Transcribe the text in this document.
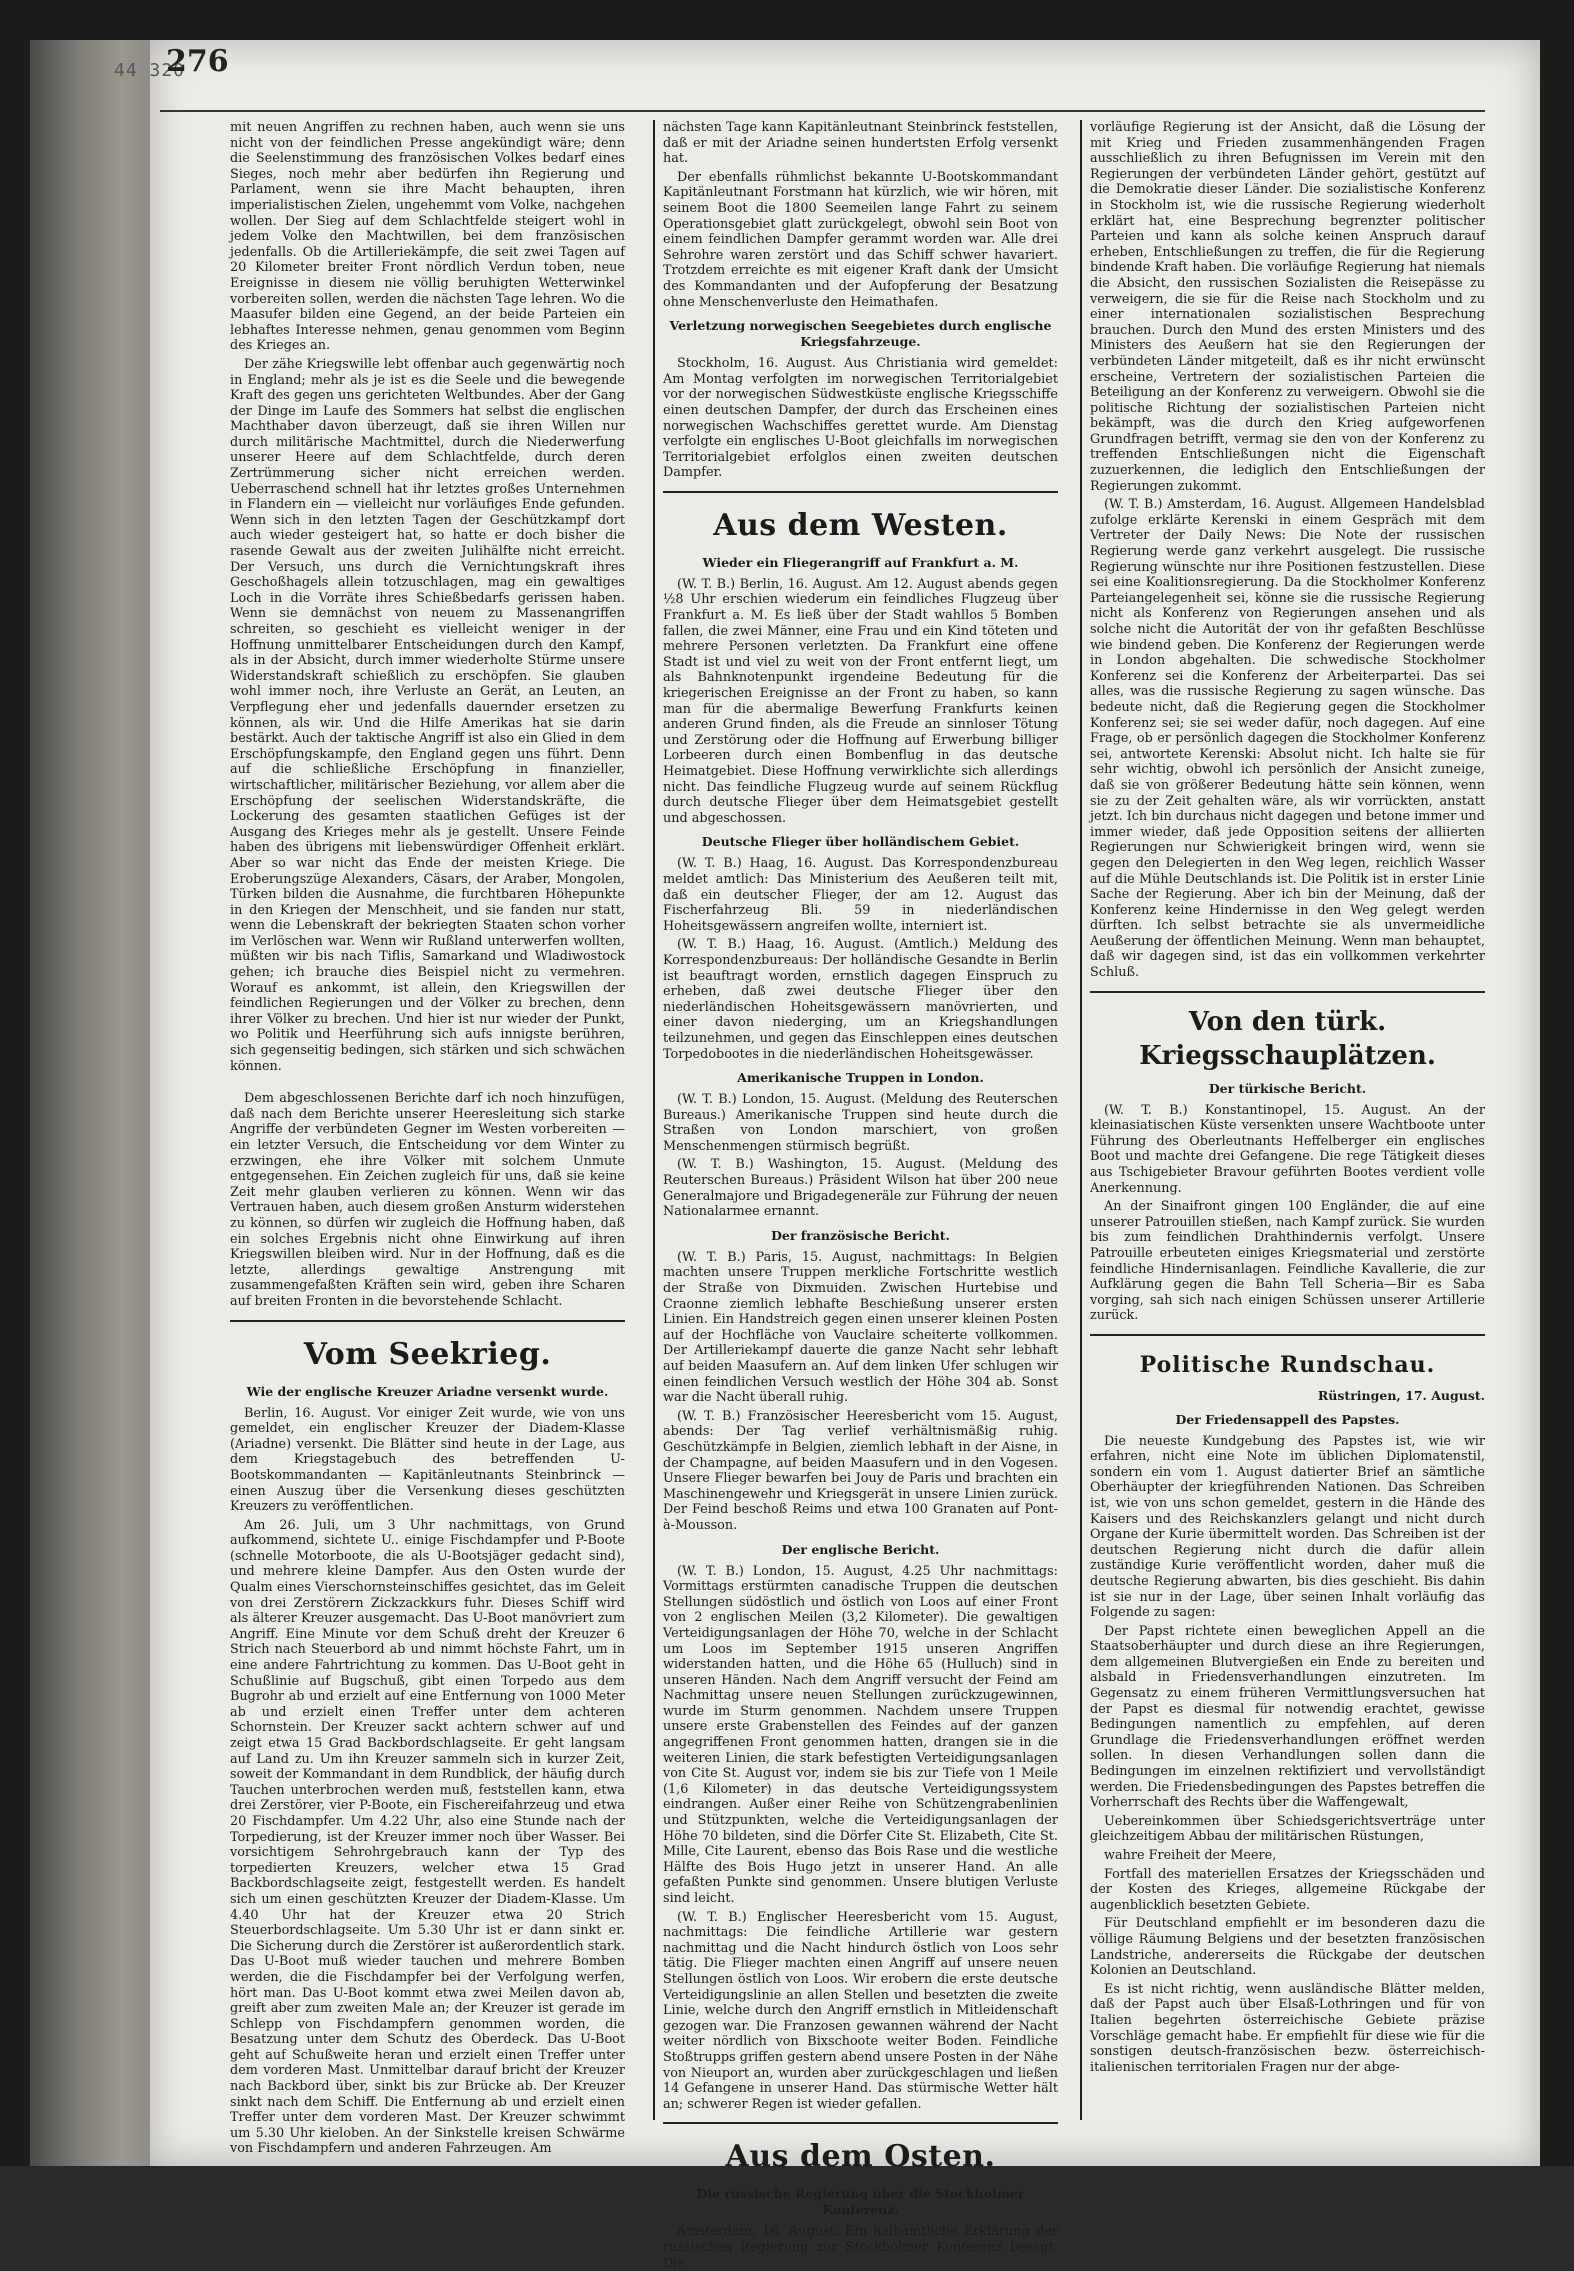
44 320
276

mit neuen Angriffen zu rechnen haben, auch wenn sie uns nicht von der feindlichen Presse angekündigt wäre; denn die Seelenstimmung des französischen Volkes bedarf eines Sieges, noch mehr aber bedürfen ihn Regierung und Parlament, wenn sie ihre Macht behaupten, ihren imperialistischen Zielen, ungehemmt vom Volke, nachgehen wollen. Der Sieg auf dem Schlachtfelde steigert wohl in jedem Volke den Machtwillen, bei dem französischen jedenfalls. Ob die Artilleriekämpfe, die seit zwei Tagen auf 20 Kilometer breiter Front nördlich Verdun toben, neue Ereignisse in diesem nie völlig beruhigten Wetterwinkel vorbereiten sollen, werden die nächsten Tage lehren. Wo die Maasufer bilden eine Gegend, an der beide Parteien ein lebhaftes Interesse nehmen, genau genommen vom Beginn des Krieges an.

Der zähe Kriegswille lebt offenbar auch gegenwärtig noch in England; mehr als je ist es die Seele und die bewegende Kraft des gegen uns gerichteten Weltbundes. Aber der Gang der Dinge im Laufe des Sommers hat selbst die englischen Machthaber davon überzeugt, daß sie ihren Willen nur durch militärische Machtmittel, durch die Niederwerfung unserer Heere auf dem Schlachtfelde, durch deren Zertrümmerung sicher nicht erreichen werden. Ueberraschend schnell hat ihr letztes großes Unternehmen in Flandern ein — vielleicht nur vorläufiges Ende gefunden. Wenn sich in den letzten Tagen der Geschützkampf dort auch wieder gesteigert hat, so hatte er doch bisher die rasende Gewalt aus der zweiten Julihälfte nicht erreicht. Der Versuch, uns durch die Vernichtungskraft ihres Geschoßhagels allein totzuschlagen, mag ein gewaltiges Loch in die Vorräte ihres Schießbedarfs gerissen haben. Wenn sie demnächst von neuem zu Massenangriffen schreiten, so geschieht es vielleicht weniger in der Hoffnung unmittelbarer Entscheidungen durch den Kampf, als in der Absicht, durch immer wiederholte Stürme unsere Widerstandskraft schießlich zu erschöpfen. Sie glauben wohl immer noch, ihre Verluste an Gerät, an Leuten, an Verpflegung eher und jedenfalls dauernder ersetzen zu können, als wir. Und die Hilfe Amerikas hat sie darin bestärkt. Auch der taktische Angriff ist also ein Glied in dem Erschöpfungskampfe, den England gegen uns führt. Denn auf die schließliche Erschöpfung in finanzieller, wirtschaftlicher, militärischer Beziehung, vor allem aber die Erschöpfung der seelischen Widerstandskräfte, die Lockerung des gesamten staatlichen Gefüges ist der Ausgang des Krieges mehr als je gestellt. Unsere Feinde haben des übrigens mit liebenswürdiger Offenheit erklärt. Aber so war nicht das Ende der meisten Kriege. Die Eroberungszüge Alexanders, Cäsars, der Araber, Mongolen, Türken bilden die Ausnahme, die furchtbaren Höhepunkte in den Kriegen der Menschheit, und sie fanden nur statt, wenn die Lebenskraft der bekriegten Staaten schon vorher im Verlöschen war. Wenn wir Rußland unterwerfen wollten, müßten wir bis nach Tiflis, Samarkand und Wladiwostock gehen; ich brauche dies Beispiel nicht zu vermehren. Worauf es ankommt, ist allein, den Kriegswillen der feindlichen Regierungen und der Völker zu brechen, denn ihrer Völker zu brechen. Und hier ist nur wieder der Punkt, wo Politik und Heerführung sich aufs innigste berühren, sich gegenseitig bedingen, sich stärken und sich schwächen können.

Dem abgeschlossenen Berichte darf ich noch hinzufügen, daß nach dem Berichte unserer Heeresleitung sich starke Angriffe der verbündeten Gegner im Westen vorbereiten — ein letzter Versuch, die Entscheidung vor dem Winter zu erzwingen, ehe ihre Völker mit solchem Unmute entgegensehen. Ein Zeichen zugleich für uns, daß sie keine Zeit mehr glauben verlieren zu können. Wenn wir das Vertrauen haben, auch diesem großen Ansturm widerstehen zu können, so dürfen wir zugleich die Hoffnung haben, daß ein solches Ergebnis nicht ohne Einwirkung auf ihren Kriegswillen bleiben wird. Nur in der Hoffnung, daß es die letzte, allerdings gewaltige Anstrengung mit zusammengefaßten Kräften sein wird, geben ihre Scharen auf breiten Fronten in die bevorstehende Schlacht.

Vom Seekrieg.
Wie der englische Kreuzer Ariadne versenkt wurde.

Berlin, 16. August. Vor einiger Zeit wurde, wie von uns gemeldet, ein englischer Kreuzer der Diadem-Klasse (Ariadne) versenkt. Die Blätter sind heute in der Lage, aus dem Kriegstagebuch des betreffenden U-Bootskommandanten — Kapitänleutnants Steinbrinck — einen Auszug über die Versenkung dieses geschützten Kreuzers zu veröffentlichen.

Am 26. Juli, um 3 Uhr nachmittags, von Grund aufkommend, sichtete U.. einige Fischdampfer und P-Boote (schnelle Motorboote, die als U-Bootsjäger gedacht sind), und mehrere kleine Dampfer. Aus den Osten wurde der Qualm eines Vierschornsteinschiffes gesichtet, das im Geleit von drei Zerstörern Zickzackkurs fuhr. Dieses Schiff wird als älterer Kreuzer ausgemacht. Das U-Boot manövriert zum Angriff. Eine Minute vor dem Schuß dreht der Kreuzer 6 Strich nach Steuerbord ab und nimmt höchste Fahrt, um in eine andere Fahrtrichtung zu kommen. Das U-Boot geht in Schußlinie auf Bugschuß, gibt einen Torpedo aus dem Bugrohr ab und erzielt auf eine Entfernung von 1000 Meter ab und erzielt einen Treffer unter dem achteren Schornstein. Der Kreuzer sackt achtern schwer auf und zeigt etwa 15 Grad Backbordschlagseite. Er geht langsam auf Land zu. Um ihn Kreuzer sammeln sich in kurzer Zeit, soweit der Kommandant in dem Rundblick, der häufig durch Tauchen unterbrochen werden muß, feststellen kann, etwa drei Zerstörer, vier P-Boote, ein Fischereifahrzeug und etwa 20 Fischdampfer. Um 4.22 Uhr, also eine Stunde nach der Torpedierung, ist der Kreuzer immer noch über Wasser. Bei vorsichtigem Sehrohrgebrauch kann der Typ des torpedierten Kreuzers, welcher etwa 15 Grad Backbordschlagseite zeigt, festgestellt werden. Es handelt sich um einen geschützten Kreuzer der Diadem-Klasse. Um 4.40 Uhr hat der Kreuzer etwa 20 Strich Steuerbordschlagseite. Um 5.30 Uhr ist er dann sinkt er. Die Sicherung durch die Zerstörer ist außerordentlich stark. Das U-Boot muß wieder tauchen und mehrere Bomben werden, die die Fischdampfer bei der Verfolgung werfen, hört man. Das U-Boot kommt etwa zwei Meilen davon ab, greift aber zum zweiten Male an; der Kreuzer ist gerade im Schlepp von Fischdampfern genommen worden, die Besatzung unter dem Schutz des Oberdeck. Das U-Boot geht auf Schußweite heran und erzielt einen Treffer unter dem vorderen Mast. Unmittelbar darauf bricht der Kreuzer nach Backbord über, sinkt bis zur Brücke ab. Der Kreuzer sinkt nach dem Schiff. Die Entfernung ab und erzielt einen Treffer unter dem vorderen Mast. Der Kreuzer schwimmt um 5.30 Uhr kieloben. An der Sinkstelle kreisen Schwärme von Fischdampfern und anderen Fahrzeugen. Am

nächsten Tage kann Kapitänleutnant Steinbrinck feststellen, daß er mit der Ariadne seinen hundertsten Erfolg versenkt hat.

Der ebenfalls rühmlichst bekannte U-Bootskommandant Kapitänleutnant Forstmann hat kürzlich, wie wir hören, mit seinem Boot die 1800 Seemeilen lange Fahrt zu seinem Operationsgebiet glatt zurückgelegt, obwohl sein Boot von einem feindlichen Dampfer gerammt worden war. Alle drei Sehrohre waren zerstört und das Schiff schwer havariert. Trotzdem erreichte es mit eigener Kraft dank der Umsicht des Kommandanten und der Aufopferung der Besatzung ohne Menschenverluste den Heimathafen.

Verletzung norwegischen Seegebietes durch englische Kriegsfahrzeuge.

Stockholm, 16. August. Aus Christiania wird gemeldet: Am Montag verfolgten im norwegischen Territorialgebiet vor der norwegischen Südwestküste englische Kriegsschiffe einen deutschen Dampfer, der durch das Erscheinen eines norwegischen Wachschiffes gerettet wurde. Am Dienstag verfolgte ein englisches U-Boot gleichfalls im norwegischen Territorialgebiet erfolglos einen zweiten deutschen Dampfer.

Aus dem Westen.
Wieder ein Fliegerangriff auf Frankfurt a. M.

(W. T. B.) Berlin, 16. August. Am 12. August abends gegen ½8 Uhr erschien wiederum ein feindliches Flugzeug über Frankfurt a. M. Es ließ über der Stadt wahllos 5 Bomben fallen, die zwei Männer, eine Frau und ein Kind töteten und mehrere Personen verletzten. Da Frankfurt eine offene Stadt ist und viel zu weit von der Front entfernt liegt, um als Bahnknotenpunkt irgendeine Bedeutung für die kriegerischen Ereignisse an der Front zu haben, so kann man für die abermalige Bewerfung Frankfurts keinen anderen Grund finden, als die Freude an sinnloser Tötung und Zerstörung oder die Hoffnung auf Erwerbung billiger Lorbeeren durch einen Bombenflug in das deutsche Heimatgebiet. Diese Hoffnung verwirklichte sich allerdings nicht. Das feindliche Flugzeug wurde auf seinem Rückflug durch deutsche Flieger über dem Heimatsgebiet gestellt und abgeschossen.

Deutsche Flieger über holländischem Gebiet.

(W. T. B.) Haag, 16. August. Das Korrespondenzbureau meldet amtlich: Das Ministerium des Aeußeren teilt mit, daß ein deutscher Flieger, der am 12. August das Fischerfahrzeug Bli. 59 in niederländischen Hoheitsgewässern angreifen wollte, interniert ist.

(W. T. B.) Haag, 16. August. (Amtlich.) Meldung des Korrespondenzbureaus: Der holländische Gesandte in Berlin ist beauftragt worden, ernstlich dagegen Einspruch zu erheben, daß zwei deutsche Flieger über den niederländischen Hoheitsgewässern manövrierten, und einer davon niederging, um an Kriegshandlungen teilzunehmen, und gegen das Einschleppen eines deutschen Torpedobootes in die niederländischen Hoheitsgewässer.

Amerikanische Truppen in London.

(W. T. B.) London, 15. August. (Meldung des Reuterschen Bureaus.) Amerikanische Truppen sind heute durch die Straßen von London marschiert, von großen Menschenmengen stürmisch begrüßt.

(W. T. B.) Washington, 15. August. (Meldung des Reuterschen Bureaus.) Präsident Wilson hat über 200 neue Generalmajore und Brigadegeneräle zur Führung der neuen Nationalarmee ernannt.

Der französische Bericht.

(W. T. B.) Paris, 15. August, nachmittags: In Belgien machten unsere Truppen merkliche Fortschritte westlich der Straße von Dixmuiden. Zwischen Hurtebise und Craonne ziemlich lebhafte Beschießung unserer ersten Linien. Ein Handstreich gegen einen unserer kleinen Posten auf der Hochfläche von Vauclaire scheiterte vollkommen. Der Artilleriekampf dauerte die ganze Nacht sehr lebhaft auf beiden Maasufern an. Auf dem linken Ufer schlugen wir einen feindlichen Versuch westlich der Höhe 304 ab. Sonst war die Nacht überall ruhig.

(W. T. B.) Französischer Heeresbericht vom 15. August, abends: Der Tag verlief verhältnismäßig ruhig. Geschützkämpfe in Belgien, ziemlich lebhaft in der Aisne, in der Champagne, auf beiden Maasufern und in den Vogesen. Unsere Flieger bewarfen bei Jouy de Paris und brachten ein Maschinengewehr und Kriegsgerät in unsere Linien zurück. Der Feind beschoß Reims und etwa 100 Granaten auf Pont-à-Mousson.

Der englische Bericht.

(W. T. B.) London, 15. August, 4.25 Uhr nachmittags: Vormittags erstürmten canadische Truppen die deutschen Stellungen südöstlich und östlich von Loos auf einer Front von 2 englischen Meilen (3,2 Kilometer). Die gewaltigen Verteidigungsanlagen der Höhe 70, welche in der Schlacht um Loos im September 1915 unseren Angriffen widerstanden hatten, und die Höhe 65 (Hulluch) sind in unseren Händen. Nach dem Angriff versucht der Feind am Nachmittag unsere neuen Stellungen zurückzugewinnen, wurde im Sturm genommen. Nachdem unsere Truppen unsere erste Grabenstellen des Feindes auf der ganzen angegriffenen Front genommen hatten, drangen sie in die weiteren Linien, die stark befestigten Verteidigungsanlagen von Cite St. August vor, indem sie bis zur Tiefe von 1 Meile (1,6 Kilometer) in das deutsche Verteidigungssystem eindrangen. Außer einer Reihe von Schützengrabenlinien und Stützpunkten, welche die Verteidigungsanlagen der Höhe 70 bildeten, sind die Dörfer Cite St. Elizabeth, Cite St. Mille, Cite Laurent, ebenso das Bois Rase und die westliche Hälfte des Bois Hugo jetzt in unserer Hand. An alle gefaßten Punkte sind genommen. Unsere blutigen Verluste sind leicht.

(W. T. B.) Englischer Heeresbericht vom 15. August, nachmittags: Die feindliche Artillerie war gestern nachmittag und die Nacht hindurch östlich von Loos sehr tätig. Die Flieger machten einen Angriff auf unsere neuen Stellungen östlich von Loos. Wir erobern die erste deutsche Verteidigungslinie an allen Stellen und besetzten die zweite Linie, welche durch den Angriff ernstlich in Mitleidenschaft gezogen war. Die Franzosen gewannen während der Nacht weiter nördlich von Bixschoote weiter Boden. Feindliche Stoßtrupps griffen gestern abend unsere Posten in der Nähe von Nieuport an, wurden aber zurückgeschlagen und ließen 14 Gefangene in unserer Hand. Das stürmische Wetter hält an; schwerer Regen ist wieder gefallen.

Aus dem Osten.
Die russische Regierung über die Stockholmer Konferenz.

Amsterdam, 16. August. Ein halbamtliche Erklärung der russischen Regierung zur Stockholmer Konferenz besagt: Die

vorläufige Regierung ist der Ansicht, daß die Lösung der mit Krieg und Frieden zusammenhängenden Fragen ausschließlich zu ihren Befugnissen im Verein mit den Regierungen der verbündeten Länder gehört, gestützt auf die Demokratie dieser Länder. Die sozialistische Konferenz in Stockholm ist, wie die russische Regierung wiederholt erklärt hat, eine Besprechung begrenzter politischer Parteien und kann als solche keinen Anspruch darauf erheben, Entschließungen zu treffen, die für die Regierung bindende Kraft haben. Die vorläufige Regierung hat niemals die Absicht, den russischen Sozialisten die Reisepässe zu verweigern, die sie für die Reise nach Stockholm und zu einer internationalen sozialistischen Besprechung brauchen. Durch den Mund des ersten Ministers und des Ministers des Aeußern hat sie den Regierungen der verbündeten Länder mitgeteilt, daß es ihr nicht erwünscht erscheine, Vertretern der sozialistischen Parteien die Beteiligung an der Konferenz zu verweigern. Obwohl sie die politische Richtung der sozialistischen Parteien nicht bekämpft, was die durch den Krieg aufgeworfenen Grundfragen betrifft, vermag sie den von der Konferenz zu treffenden Entschließungen nicht die Eigenschaft zuzuerkennen, die lediglich den Entschließungen der Regierungen zukommt.

(W. T. B.) Amsterdam, 16. August. Allgemeen Handelsblad zufolge erklärte Kerenski in einem Gespräch mit dem Vertreter der Daily News: Die Note der russischen Regierung werde ganz verkehrt ausgelegt. Die russische Regierung wünschte nur ihre Positionen festzustellen. Diese sei eine Koalitionsregierung. Da die Stockholmer Konferenz Parteiangelegenheit sei, könne sie die russische Regierung nicht als Konferenz von Regierungen ansehen und als solche nicht die Autorität der von ihr gefaßten Beschlüsse wie bindend geben. Die Konferenz der Regierungen werde in London abgehalten. Die schwedische Stockholmer Konferenz sei die Konferenz der Arbeiterpartei. Das sei alles, was die russische Regierung zu sagen wünsche. Das bedeute nicht, daß die Regierung gegen die Stockholmer Konferenz sei; sie sei weder dafür, noch dagegen. Auf eine Frage, ob er persönlich dagegen die Stockholmer Konferenz sei, antwortete Kerenski: Absolut nicht. Ich halte sie für sehr wichtig, obwohl ich persönlich der Ansicht zuneige, daß sie von größerer Bedeutung hätte sein können, wenn sie zu der Zeit gehalten wäre, als wir vorrückten, anstatt jetzt. Ich bin durchaus nicht dagegen und betone immer und immer wieder, daß jede Opposition seitens der alliierten Regierungen nur Schwierigkeit bringen wird, wenn sie gegen den Delegierten in den Weg legen, reichlich Wasser auf die Mühle Deutschlands ist. Die Politik ist in erster Linie Sache der Regierung. Aber ich bin der Meinung, daß der Konferenz keine Hindernisse in den Weg gelegt werden dürften. Ich selbst betrachte sie als unvermeidliche Aeußerung der öffentlichen Meinung. Wenn man behauptet, daß wir dagegen sind, ist das ein vollkommen verkehrter Schluß.

Von den türk. Kriegsschauplätzen.
Der türkische Bericht.

(W. T. B.) Konstantinopel, 15. August. An der kleinasiatischen Küste versenkten unsere Wachtboote unter Führung des Oberleutnants Heffelberger ein englisches Boot und machte drei Gefangene. Die rege Tätigkeit dieses aus Tschigebieter Bravour geführten Bootes verdient volle Anerkennung.

An der Sinaifront gingen 100 Engländer, die auf eine unserer Patrouillen stießen, nach Kampf zurück. Sie wurden bis zum feindlichen Drahthindernis verfolgt. Unsere Patrouille erbeuteten einiges Kriegsmaterial und zerstörte feindliche Hindernisanlagen. Feindliche Kavallerie, die zur Aufklärung gegen die Bahn Tell Scheria—Bir es Saba vorging, sah sich nach einigen Schüssen unserer Artillerie zurück.

Politische Rundschau.
Rüstringen, 17. August.
Der Friedensappell des Papstes.

Die neueste Kundgebung des Papstes ist, wie wir erfahren, nicht eine Note im üblichen Diplomatenstil, sondern ein vom 1. August datierter Brief an sämtliche Oberhäupter der kriegführenden Nationen. Das Schreiben ist, wie von uns schon gemeldet, gestern in die Hände des Kaisers und des Reichskanzlers gelangt und nicht durch Organe der Kurie übermittelt worden. Das Schreiben ist der deutschen Regierung nicht durch die dafür allein zuständige Kurie veröffentlicht worden, daher muß die deutsche Regierung abwarten, bis dies geschieht. Bis dahin ist sie nur in der Lage, über seinen Inhalt vorläufig das Folgende zu sagen:

Der Papst richtete einen beweglichen Appell an die Staatsoberhäupter und durch diese an ihre Regierungen, dem allgemeinen Blutvergießen ein Ende zu bereiten und alsbald in Friedensverhandlungen einzutreten. Im Gegensatz zu einem früheren Vermittlungsversuchen hat der Papst es diesmal für notwendig erachtet, gewisse Bedingungen namentlich zu empfehlen, auf deren Grundlage die Friedensverhandlungen eröffnet werden sollen. In diesen Verhandlungen sollen dann die Bedingungen im einzelnen rektifiziert und vervollständigt werden. Die Friedensbedingungen des Papstes betreffen die Vorherrschaft des Rechts über die Waffengewalt,

Uebereinkommen über Schiedsgerichtsverträge unter gleichzeitigem Abbau der militärischen Rüstungen,

wahre Freiheit der Meere,

Fortfall des materiellen Ersatzes der Kriegsschäden und der Kosten des Krieges, allgemeine Rückgabe der augenblicklich besetzten Gebiete.

Für Deutschland empfiehlt er im besonderen dazu die völlige Räumung Belgiens und der besetzten französischen Landstriche, andererseits die Rückgabe der deutschen Kolonien an Deutschland.

Es ist nicht richtig, wenn ausländische Blätter melden, daß der Papst auch über Elsaß-Lothringen und für von Italien begehrten österreichische Gebiete präzise Vorschläge gemacht habe. Er empfiehlt für diese wie für die sonstigen deutsch-französischen bezw. österreichisch-italienischen territorialen Fragen nur der abge-
